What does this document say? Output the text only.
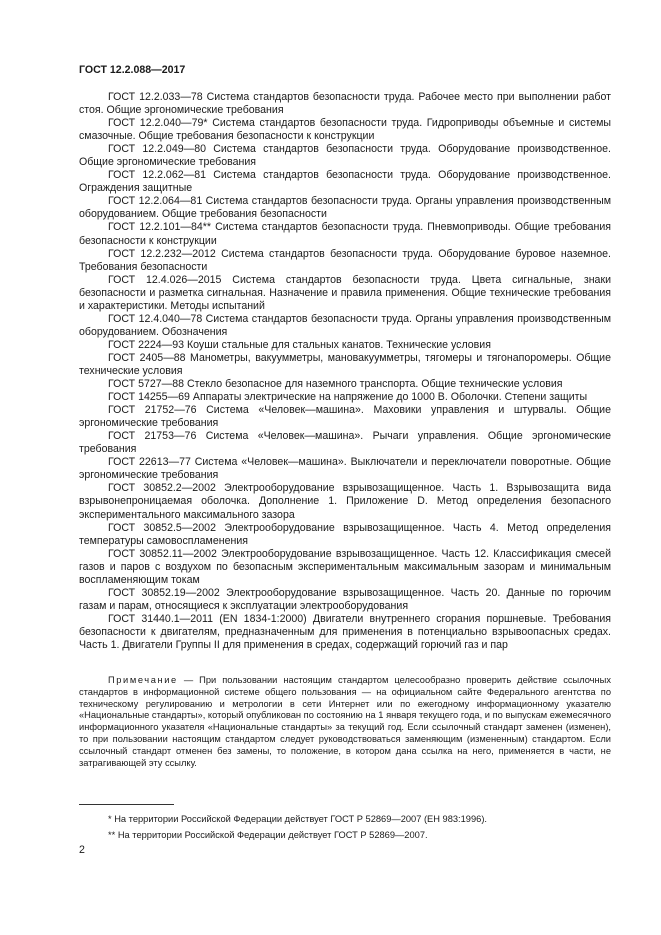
ГОСТ 12.2.088—2017

ГОСТ 12.2.033—78 Система стандартов безопасности труда. Рабочее место при выполнении работ стоя. Общие эргономические требования

ГОСТ 12.2.040—79* Система стандартов безопасности труда. Гидроприводы объемные и системы смазочные. Общие требования безопасности к конструкции

ГОСТ 12.2.049—80 Система стандартов безопасности труда. Оборудование производственное. Общие эргономические требования

ГОСТ 12.2.062—81 Система стандартов безопасности труда. Оборудование производственное. Ограждения защитные

ГОСТ 12.2.064—81 Система стандартов безопасности труда. Органы управления производственным оборудованием. Общие требования безопасности

ГОСТ 12.2.101—84** Система стандартов безопасности труда. Пневмоприводы. Общие требования безопасности к конструкции

ГОСТ 12.2.232—2012 Система стандартов безопасности труда. Оборудование буровое наземное. Требования безопасности

ГОСТ 12.4.026—2015 Система стандартов безопасности труда. Цвета сигнальные, знаки безопасности и разметка сигнальная. Назначение и правила применения. Общие технические требования и характеристики. Методы испытаний

ГОСТ 12.4.040—78 Система стандартов безопасности труда. Органы управления производственным оборудованием. Обозначения

ГОСТ 2224—93 Коуши стальные для стальных канатов. Технические условия

ГОСТ 2405—88 Манометры, вакуумметры, мановакуумметры, тягомеры и тягонапоромеры. Общие технические условия

ГОСТ 5727—88 Стекло безопасное для наземного транспорта. Общие технические условия

ГОСТ 14255—69 Аппараты электрические на напряжение до 1000 В. Оболочки. Степени защиты

ГОСТ 21752—76 Система «Человек—машина». Маховики управления и штурвалы. Общие эргономические требования

ГОСТ 21753—76 Система «Человек—машина». Рычаги управления. Общие эргономические требования

ГОСТ 22613—77 Система «Человек—машина». Выключатели и переключатели поворотные. Общие эргономические требования

ГОСТ 30852.2—2002 Электрооборудование взрывозащищенное. Часть 1. Взрывозащита вида взрывонепроницаемая оболочка. Дополнение 1. Приложение D. Метод определения безопасного экспериментального максимального зазора

ГОСТ 30852.5—2002 Электрооборудование взрывозащищенное. Часть 4. Метод определения температуры самовоспламенения

ГОСТ 30852.11—2002 Электрооборудование взрывозащищенное. Часть 12. Классификация смесей газов и паров с воздухом по безопасным экспериментальным максимальным зазорам и минимальным воспламеняющим токам

ГОСТ 30852.19—2002 Электрооборудование взрывозащищенное. Часть 20. Данные по горючим газам и парам, относящиеся к эксплуатации электрооборудования

ГОСТ 31440.1—2011 (EN 1834-1:2000) Двигатели внутреннего сгорания поршневые. Требования безопасности к двигателям, предназначенным для применения в потенциально взрывоопасных средах. Часть 1. Двигатели Группы II для применения в средах, содержащий горючий газ и пар

Примечание — При пользовании настоящим стандартом целесообразно проверить действие ссылочных стандартов в информационной системе общего пользования — на официальном сайте Федерального агентства по техническому регулированию и метрологии в сети Интернет или по ежегодному информационному указателю «Национальные стандарты», который опубликован по состоянию на 1 января текущего года, и по выпускам ежемесячного информационного указателя «Национальные стандарты» за текущий год. Если ссылочный стандарт заменен (изменен), то при пользовании настоящим стандартом следует руководствоваться заменяющим (измененным) стандартом. Если ссылочный стандарт отменен без замены, то положение, в котором дана ссылка на него, применяется в части, не затрагивающей эту ссылку.

* На территории Российской Федерации действует ГОСТ Р 52869—2007 (ЕН 983:1996).

** На территории Российской Федерации действует ГОСТ Р 52869—2007.

2
